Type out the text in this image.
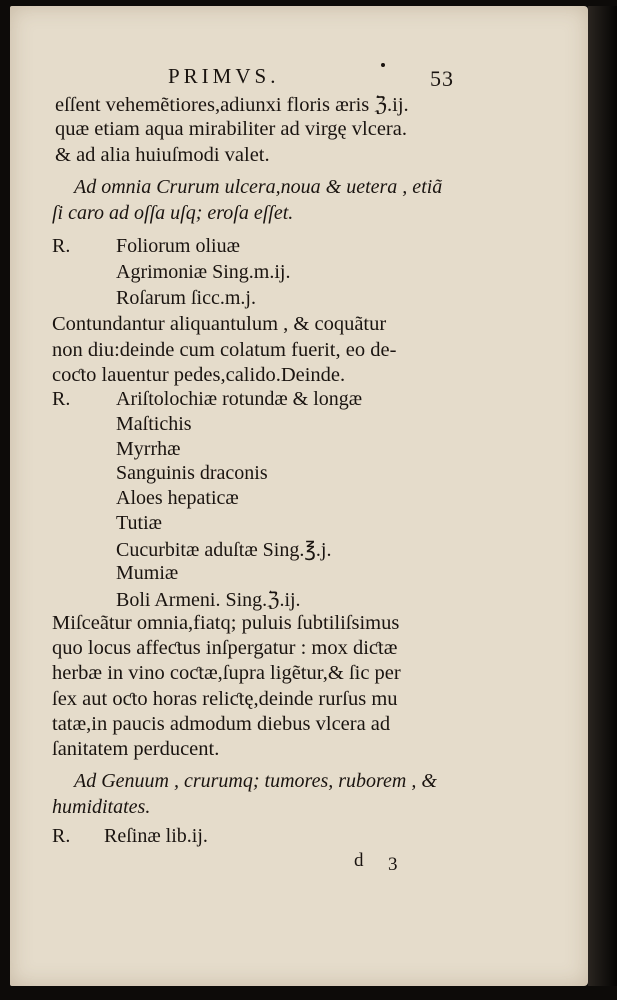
PRIMVS.	53
eſſent vehemẽtiores,adiunxi floris æris ℨ.ij.
quæ etiam aqua mirabiliter ad virgę vlcera.
& ad alia huiuſmodi valet.
Ad omnia Crurum ulcera,noua & uetera , etiã
ſi caro ad oſſa uſq; eroſa eſſet.
R. Foliorum oliuæ
Agrimoniæ Sing.m.ij.
Roſarum ſicc.m.j.
Contundantur aliquantulum , & coquãtur
non diu:deinde cum colatum fuerit, eo de-
coƈto lauentur pedes,calido.Deinde.
R. Ariſtolochiæ rotundæ & longæ
Maſtichis
Myrrhæ
Sanguinis draconis
Aloes hepaticæ
Tutiæ
Cucurbitæ aduſtæ Sing.℥.j.
Mumiæ
Boli Armeni. Sing.ℨ.ij.
Miſceãtur omnia,fiatq; puluis ſubtiliſsimus
quo locus affeƈtus inſpergatur : mox diƈtæ
herbæ in vino coƈtæ,ſupra ligẽtur,& ſic per
ſex aut oƈto horas reliƈtę,deinde rurſus mu
tatæ,in paucis admodum diebus vlcera ad
ſanitatem perducent.
Ad Genuum , crurumq; tumores, ruborem , &
humiditates.
R. Reſinæ lib.ij.
d 3
